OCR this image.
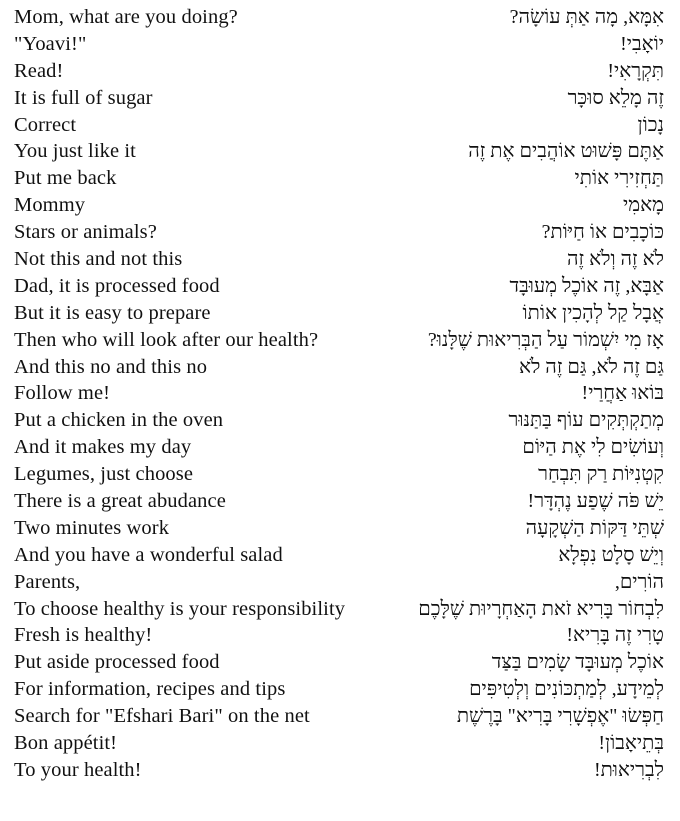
Mom, what are you doing?	אִמָּא, מָה אַתְּ עוֹשָׂה?
"Yoavi!"	יוֹאָבִי!
Read!	תִּקְרָאִי!
It is full of sugar	זֶה מָלֵא סוּכָּר
Correct	נָכוֹן
You just like it	אַתֶּם פָּשׁוּט אוֹהֲבִים אֶת זֶה
Put me back	תַּחְזִירִי אוֹתִי
Mommy	מָאמִי
Stars or animals?	כּוֹכָבִים אוֹ חַיּוֹת?
Not this and not this	לֹא זֶה וְלֹא זֶה
Dad, it is processed food	אַבָּא, זֶה אוֹכֶל מְעוּבָּד
But it is easy to prepare	אֲבָל קַל לְהָכִין אוֹתוֹ
Then who will look after our health?	אָז מִי יִשְׁמוֹר עַל הַבְּרִיאוּת שֶׁלָּנוּ?
And this no and this no	גַּם זֶה לֹא, גַּם זֶה לֹא
Follow me!	בּוֹאוּ אַחֲרַי!
Put a chicken in the oven	מְתַקְתְּקִים עוֹף בַּתַּנּוּר
And it makes my day	וְעוֹשִׂים לִי אֶת הַיּוֹם
Legumes, just choose	קִטְנִיּוֹת רַק תִּבְחַר
There is a great abudance	יֵשׁ פֹּה שֶׁפַע נֶהְדָּר!
Two minutes work	שְׁתֵּי דַּקּוֹת הַשְׁקָעָה
And you have a wonderful salad	וְיֵשׁ סָלָט נִפְלָא
Parents,	הוֹרִים,
To choose healthy is your responsibility	לִבְחוֹר בָּרִיא זֹאת הָאַחְרָיוּת שֶׁלָּכֶם
Fresh is healthy!	טָרִי זֶה בָּרִיא!
Put aside processed food	אוֹכֶל מְעוּבָּד שָׂמִים בַּצַּד
For information, recipes and tips	לְמֵידָע, לְמַתְכּוֹנִים וְלְטִיפִּים
Search for "Efshari Bari" on the net	חַפְּשׂוּ "אֶפְשָׁרִי בָּרִיא" בָּרֶשֶׁת
Bon appétit!	בְּתֵיאָבוֹן!
To your health!	לִבְרִיאוּת!
